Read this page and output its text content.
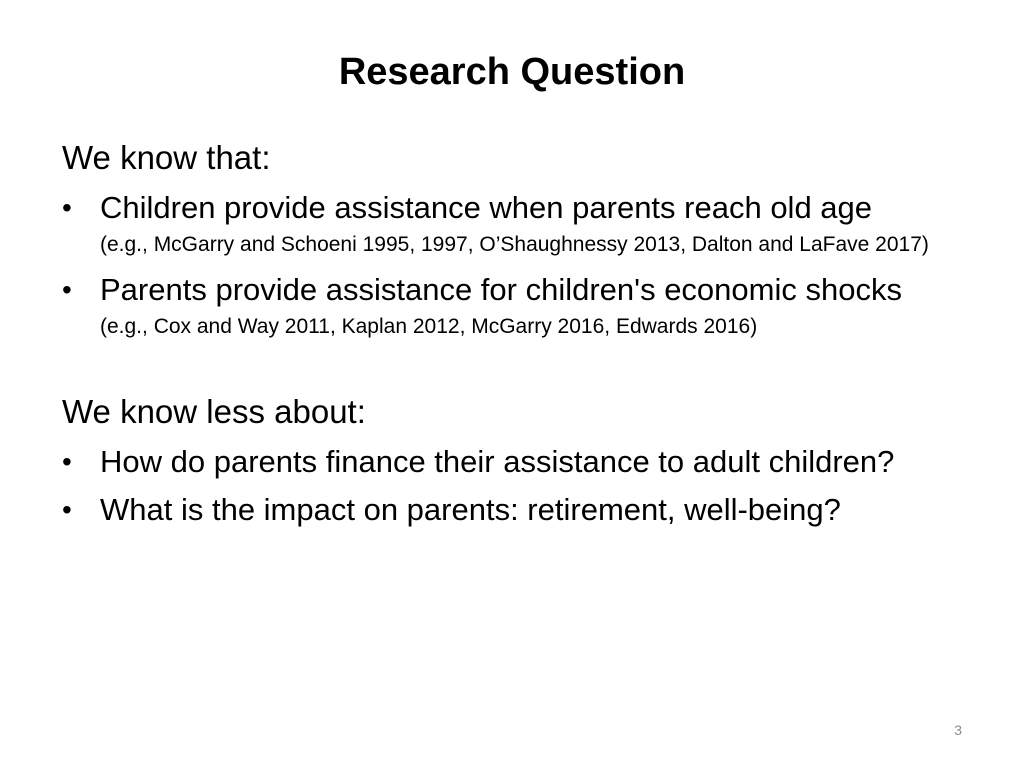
Research Question
We know that:
• Children provide assistance when parents reach old age
(e.g., McGarry and Schoeni 1995, 1997, O’Shaughnessy 2013, Dalton and LaFave 2017)
• Parents provide assistance for children's economic shocks
(e.g., Cox and Way 2011, Kaplan 2012, McGarry 2016, Edwards 2016)
We know less about:
• How do parents finance their assistance to adult children?
• What is the impact on parents: retirement, well-being?
3
